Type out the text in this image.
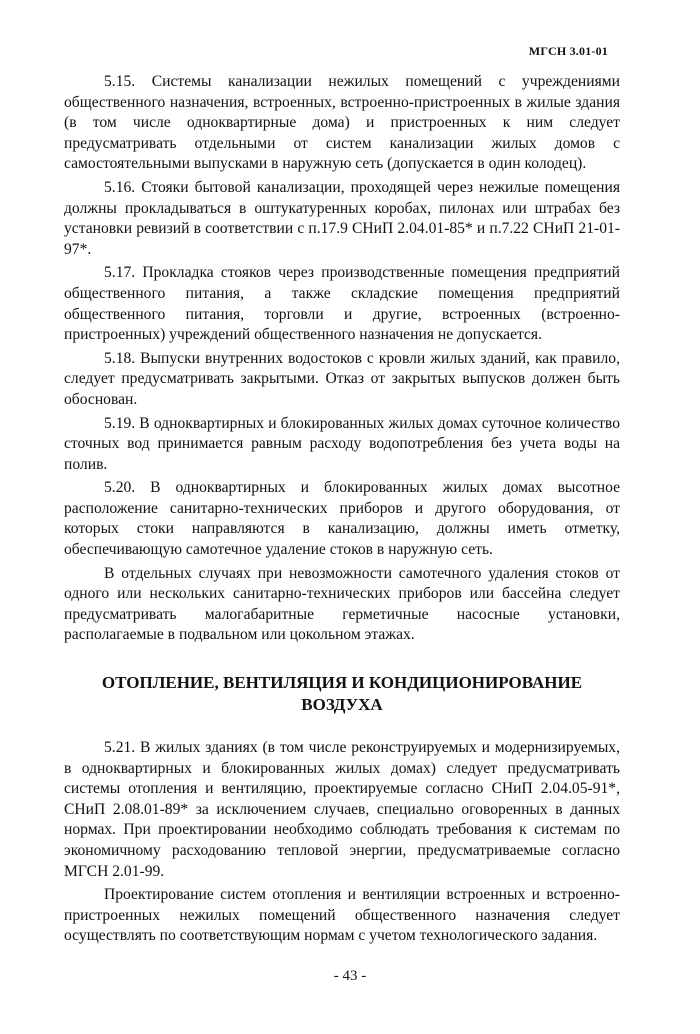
МГСН 3.01-01

5.15. Системы канализации нежилых помещений с учреждениями общественного назначения, встроенных, встроенно-пристроенных в жилые здания (в том числе одноквартирные дома) и пристроенных к ним следует предусматривать отдельными от систем канализации жилых домов с самостоятельными выпусками в наружную сеть (допускается в один колодец).

5.16. Стояки бытовой канализации, проходящей через нежилые помещения должны прокладываться в оштукатуренных коробах, пилонах или штрабах без установки ревизий в соответствии с п.17.9 СНиП 2.04.01-85* и п.7.22 СНиП 21-01-97*.

5.17. Прокладка стояков через производственные помещения предприятий общественного питания, а также складские помещения предприятий общественного питания, торговли и другие, встроенных (встроенно-пристроенных) учреждений общественного назначения не допускается.

5.18. Выпуски внутренних водостоков с кровли жилых зданий, как правило, следует предусматривать закрытыми. Отказ от закрытых выпусков должен быть обоснован.

5.19. В одноквартирных и блокированных жилых домах суточное количество сточных вод принимается равным расходу водопотребления без учета воды на полив.

5.20. В одноквартирных и блокированных жилых домах высотное расположение санитарно-технических приборов и другого оборудования, от которых стоки направляются в канализацию, должны иметь отметку, обеспечивающую самотечное удаление стоков в наружную сеть.

В отдельных случаях при невозможности самотечного удаления стоков от одного или нескольких санитарно-технических приборов или бассейна следует предусматривать малогабаритные герметичные насосные установки, располагаемые в подвальном или цокольном этажах.

ОТОПЛЕНИЕ, ВЕНТИЛЯЦИЯ И КОНДИЦИОНИРОВАНИЕ ВОЗДУХА

5.21. В жилых зданиях (в том числе реконструируемых и модернизируемых, в одноквартирных и блокированных жилых домах) следует предусматривать системы отопления и вентиляцию, проектируемые согласно СНиП 2.04.05-91*, СНиП 2.08.01-89* за исключением случаев, специально оговоренных в данных нормах. При проектировании необходимо соблюдать требования к системам по экономичному расходованию тепловой энергии, предусматриваемые согласно МГСН 2.01-99.

Проектирование систем отопления и вентиляции встроенных и встроенно-пристроенных нежилых помещений общественного назначения следует осуществлять по соответствующим нормам с учетом технологического задания.

- 43 -
